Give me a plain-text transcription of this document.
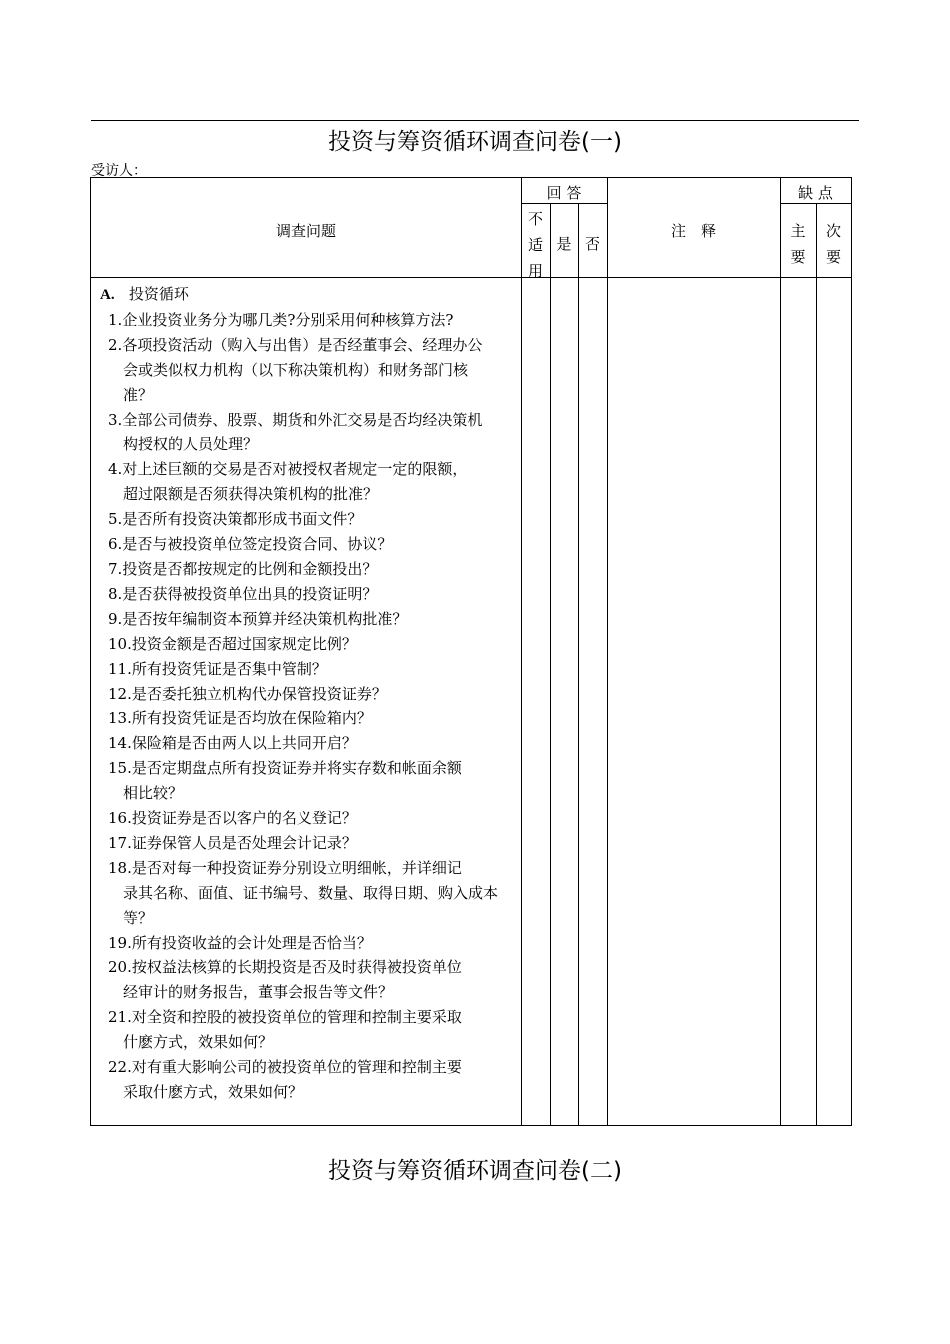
投资与筹资循环调查问卷(一)
受访人：
调查问题
回 答
不
适
用
是 否
注　释
缺 点
主
要
次
要
A. 投资循环
1.企业投资业务分为哪几类?分别采用何种核算方法?
2.各项投资活动（购入与出售）是否经董事会、经理办公
会或类似权力机构（以下称决策机构）和财务部门核
准？
3.全部公司债券、股票、期货和外汇交易是否均经决策机
构授权的人员处理？
4.对上述巨额的交易是否对被授权者规定一定的限额，
超过限额是否须获得决策机构的批准？
5.是否所有投资决策都形成书面文件？
6.是否与被投资单位签定投资合同、协议？
7.投资是否都按规定的比例和金额投出？
8.是否获得被投资单位出具的投资证明？
9.是否按年编制资本预算并经决策机构批准？
10.投资金额是否超过国家规定比例？
11.所有投资凭证是否集中管制？
12.是否委托独立机构代办保管投资证券？
13.所有投资凭证是否均放在保险箱内？
14.保险箱是否由两人以上共同开启？
15.是否定期盘点所有投资证券并将实存数和帐面余额
相比较？
16.投资证券是否以客户的名义登记？
17.证券保管人员是否处理会计记录？
18.是否对每一种投资证券分别设立明细帐，并详细记
录其名称、面值、证书编号、数量、取得日期、购入成本
等？
19.所有投资收益的会计处理是否恰当？
20.按权益法核算的长期投资是否及时获得被投资单位
经审计的财务报告，董事会报告等文件？
21.对全资和控股的被投资单位的管理和控制主要采取
什麽方式，效果如何？
22.对有重大影响公司的被投资单位的管理和控制主要
采取什麽方式，效果如何？
投资与筹资循环调查问卷(二)
